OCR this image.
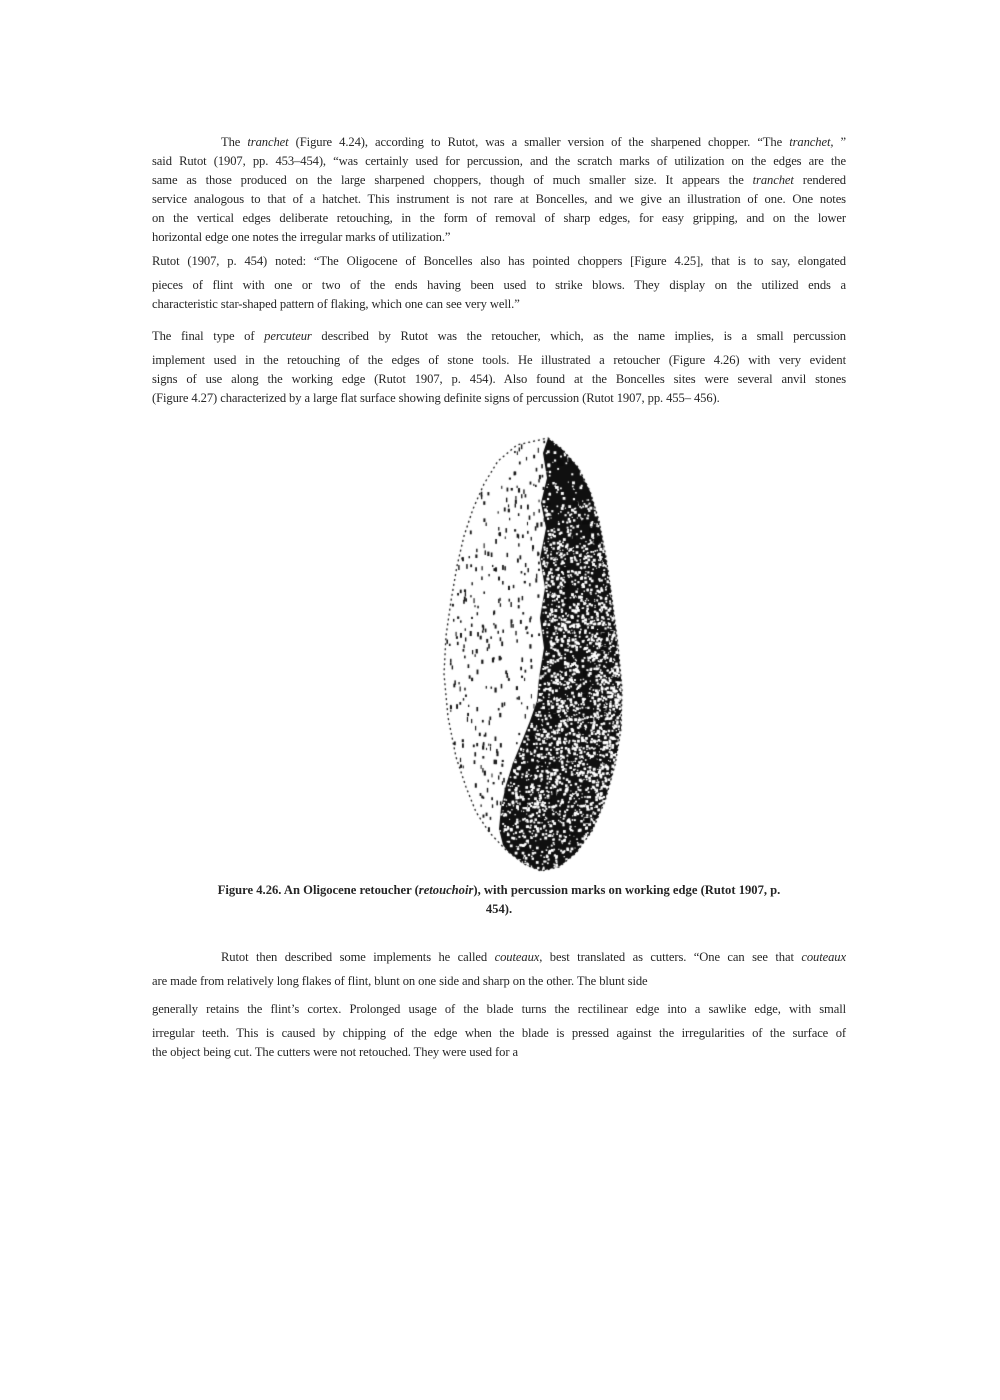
The tranchet (Figure 4.24), according to Rutot, was a smaller version of the sharpened chopper. “The tranchet, ”
said Rutot (1907, pp. 453–454), “was certainly used for percussion, and the scratch marks of utilization on the edges are the
same as those produced on the large sharpened choppers, though of much smaller size. It appears the tranchet rendered
service analogous to that of a hatchet. This instrument is not rare at Boncelles, and we give an illustration of one. One notes
on the vertical edges deliberate retouching, in the form of removal of sharp edges, for easy gripping, and on the lower
horizontal edge one notes the irregular marks of utilization.”
Rutot (1907, p. 454) noted: “The Oligocene of Boncelles also has pointed choppers [Figure 4.25], that is to say, elongated
pieces of flint with one or two of the ends having been used to strike blows. They display on the utilized ends a
characteristic star-shaped pattern of flaking, which one can see very well.”
The final type of percuteur described by Rutot was the retoucher, which, as the name implies, is a small percussion
implement used in the retouching of the edges of stone tools. He illustrated a retoucher (Figure 4.26) with very evident
signs of use along the working edge (Rutot 1907, p. 454). Also found at the Boncelles sites were several anvil stones
(Figure 4.27) characterized by a large flat surface showing definite signs of percussion (Rutot 1907, pp. 455– 456).
Figure 4.26. An Oligocene retoucher (retouchoir), with percussion marks on working edge (Rutot 1907, p.
454).
Rutot then described some implements he called couteaux, best translated as cutters. “One can see that couteaux
are made from relatively long flakes of flint, blunt on one side and sharp on the other. The blunt side
generally retains the flint’s cortex. Prolonged usage of the blade turns the rectilinear edge into a sawlike edge, with small
irregular teeth. This is caused by chipping of the edge when the blade is pressed against the irregularities of the surface of
the object being cut. The cutters were not retouched. They were used for a
